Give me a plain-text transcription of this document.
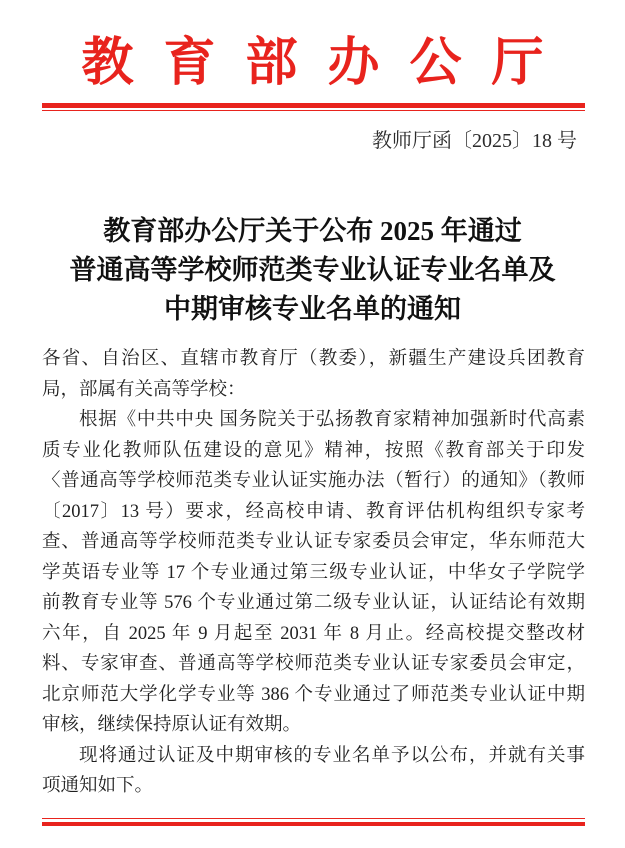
教育部办公厅
教师厅函〔2025〕18 号
教育部办公厅关于公布 2025 年通过
普通高等学校师范类专业认证专业名单及
中期审核专业名单的通知
各省、自治区、直辖市教育厅（教委），新疆生产建设兵团教育
局，部属有关高等学校：
根据《中共中央 国务院关于弘扬教育家精神加强新时代高素
质专业化教师队伍建设的意见》精神，按照《教育部关于印发
〈普通高等学校师范类专业认证实施办法（暂行）的通知》（教师
〔2017〕13 号）要求，经高校申请、教育评估机构组织专家考
查、普通高等学校师范类专业认证专家委员会审定，华东师范大
学英语专业等 17 个专业通过第三级专业认证，中华女子学院学
前教育专业等 576 个专业通过第二级专业认证，认证结论有效期
六年，自 2025 年 9 月起至 2031 年 8 月止。经高校提交整改材
料、专家审查、普通高等学校师范类专业认证专家委员会审定，
北京师范大学化学专业等 386 个专业通过了师范类专业认证中期
审核，继续保持原认证有效期。
现将通过认证及中期审核的专业名单予以公布，并就有关事
项通知如下。
